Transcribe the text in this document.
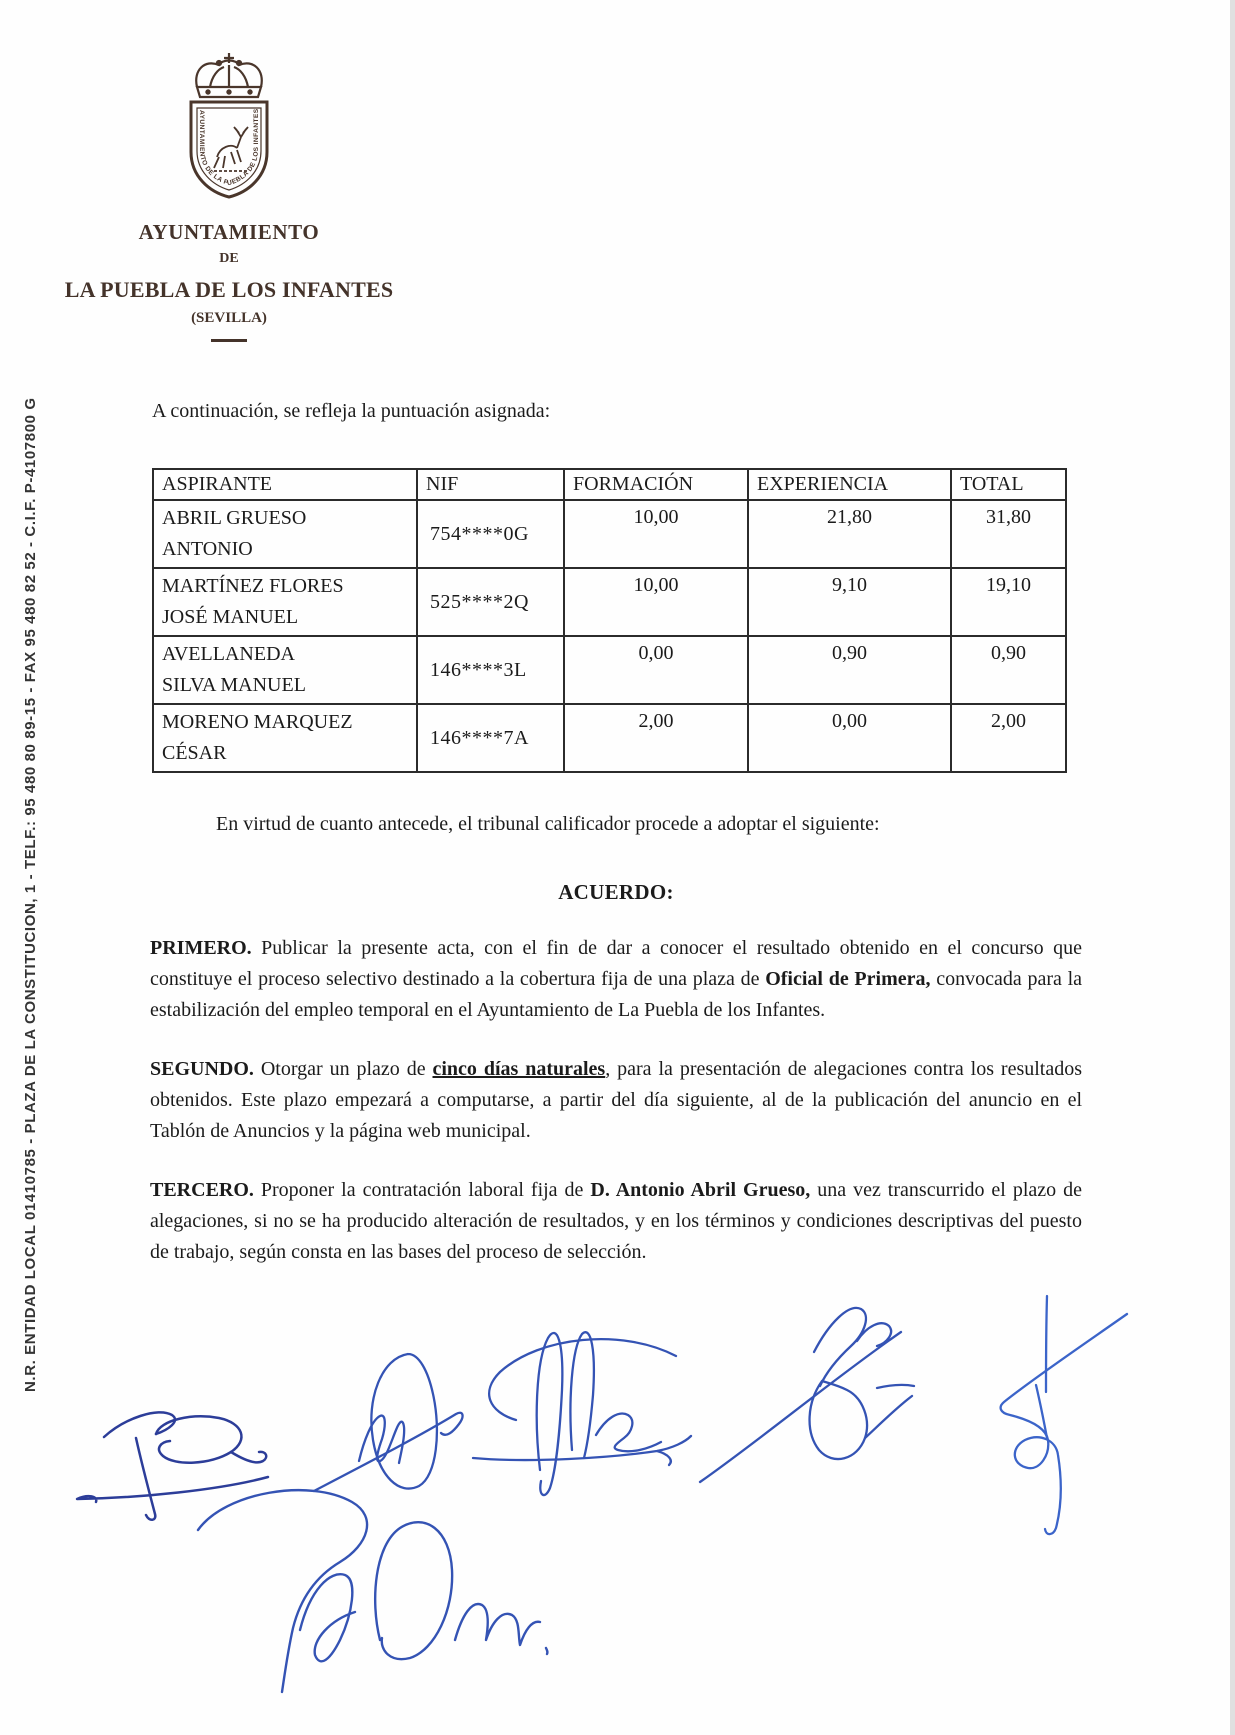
N.R. ENTIDAD LOCAL 01410785 - PLAZA DE LA CONSTITUCION, 1 - TELF.: 95 480 80 89-15 - FAX 95 480 82 52 - C.I.F. P-4107800 G
AYUNTAMIENTO DE LA PUEBLA DE LOS INFANTES
AYUNTAMIENTO
DE
LA PUEBLA DE LOS INFANTES
(SEVILLA)

A continuación, se refleja la puntuación asignada:

ASPIRANTE	NIF	FORMACIÓN	EXPERIENCIA	TOTAL

ABRIL GRUESO
ANTONIO	754****0G	10,00	21,80	31,80

MARTÍNEZ FLORES
JOSÉ MANUEL	525****2Q	10,00	9,10	19,10

AVELLANEDA
SILVA MANUEL	146****3L	0,00	0,90	0,90

MORENO MARQUEZ
CÉSAR	146****7A	2,00	0,00	2,00

En virtud de cuanto antecede, el tribunal calificador procede a adoptar el siguiente:

ACUERDO:

PRIMERO. Publicar la presente acta, con el fin de dar a conocer el resultado obtenido en el concurso que constituye el proceso selectivo destinado a la cobertura fija de una plaza de Oficial de Primera, convocada para la estabilización del empleo temporal en el Ayuntamiento de La Puebla de los Infantes.

SEGUNDO. Otorgar un plazo de cinco días naturales, para la presentación de alegaciones contra los resultados obtenidos. Este plazo empezará a computarse, a partir del día siguiente, al de la publicación del anuncio en el Tablón de Anuncios y la página web municipal.

TERCERO. Proponer la contratación laboral fija de D. Antonio Abril Grueso, una vez transcurrido el plazo de alegaciones, si no se ha producido alteración de resultados, y en los términos y condiciones descriptivas del puesto de trabajo, según consta en las bases del proceso de selección.
